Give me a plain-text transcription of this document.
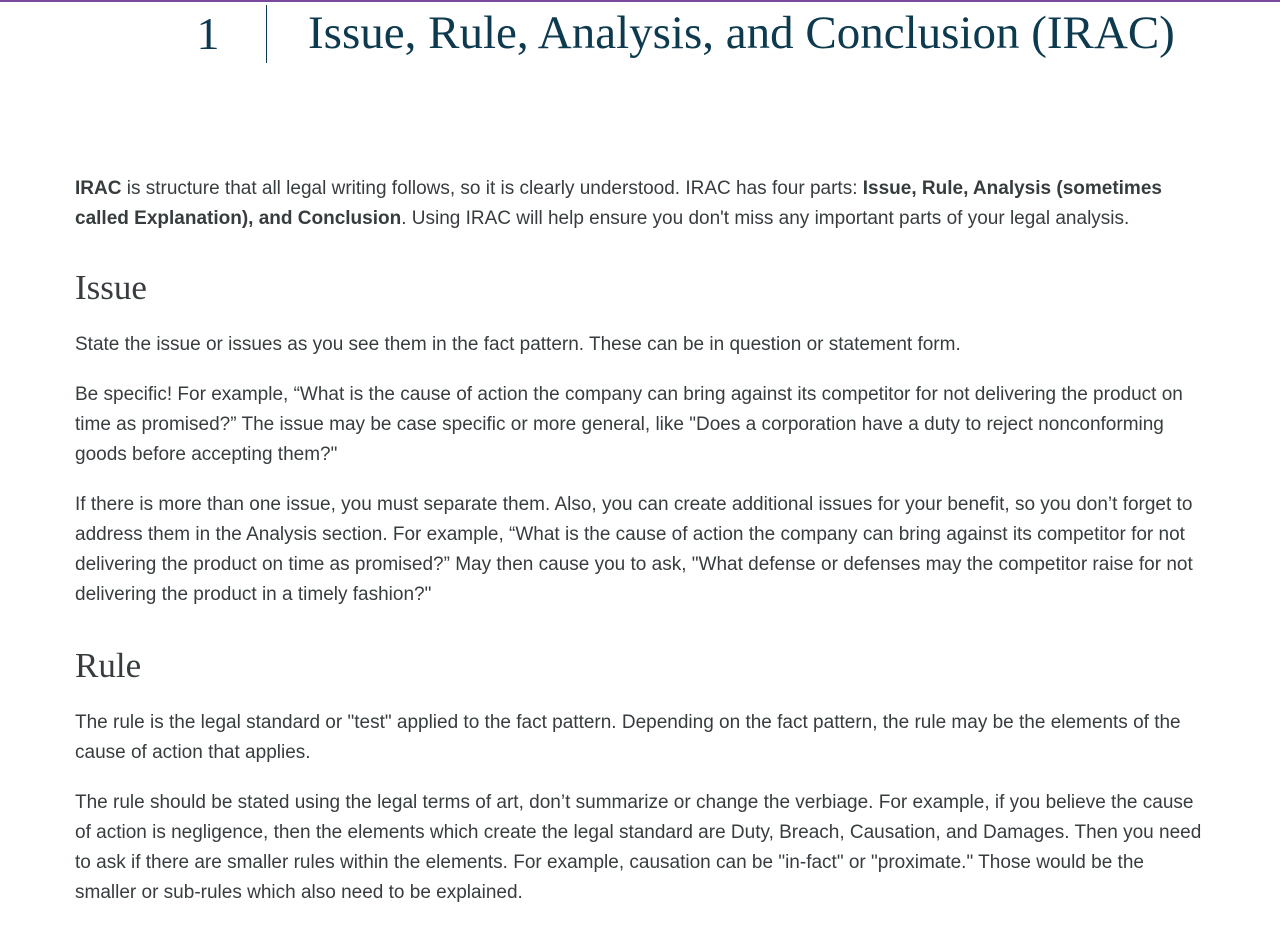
1 Issue, Rule, Analysis, and Conclusion (IRAC)

IRAC is structure that all legal writing follows, so it is clearly understood. IRAC has four parts: Issue, Rule, Analysis (sometimes called Explanation), and Conclusion. Using IRAC will help ensure you don't miss any important parts of your legal analysis.

Issue

State the issue or issues as you see them in the fact pattern. These can be in question or statement form.

Be specific! For example, “What is the cause of action the company can bring against its competitor for not delivering the product on time as promised?” The issue may be case specific or more general, like "Does a corporation have a duty to reject nonconforming goods before accepting them?"

If there is more than one issue, you must separate them. Also, you can create additional issues for your benefit, so you don’t forget to address them in the Analysis section. For example, “What is the cause of action the company can bring against its competitor for not delivering the product on time as promised?” May then cause you to ask, "What defense or defenses may the competitor raise for not delivering the product in a timely fashion?"

Rule

The rule is the legal standard or "test" applied to the fact pattern. Depending on the fact pattern, the rule may be the elements of the cause of action that applies.

The rule should be stated using the legal terms of art, don’t summarize or change the verbiage. For example, if you believe the cause of action is negligence, then the elements which create the legal standard are Duty, Breach, Causation, and Damages. Then you need to ask if there are smaller rules within the elements. For example, causation can be "in-fact" or "proximate." Those would be the smaller or sub-rules which also need to be explained.
